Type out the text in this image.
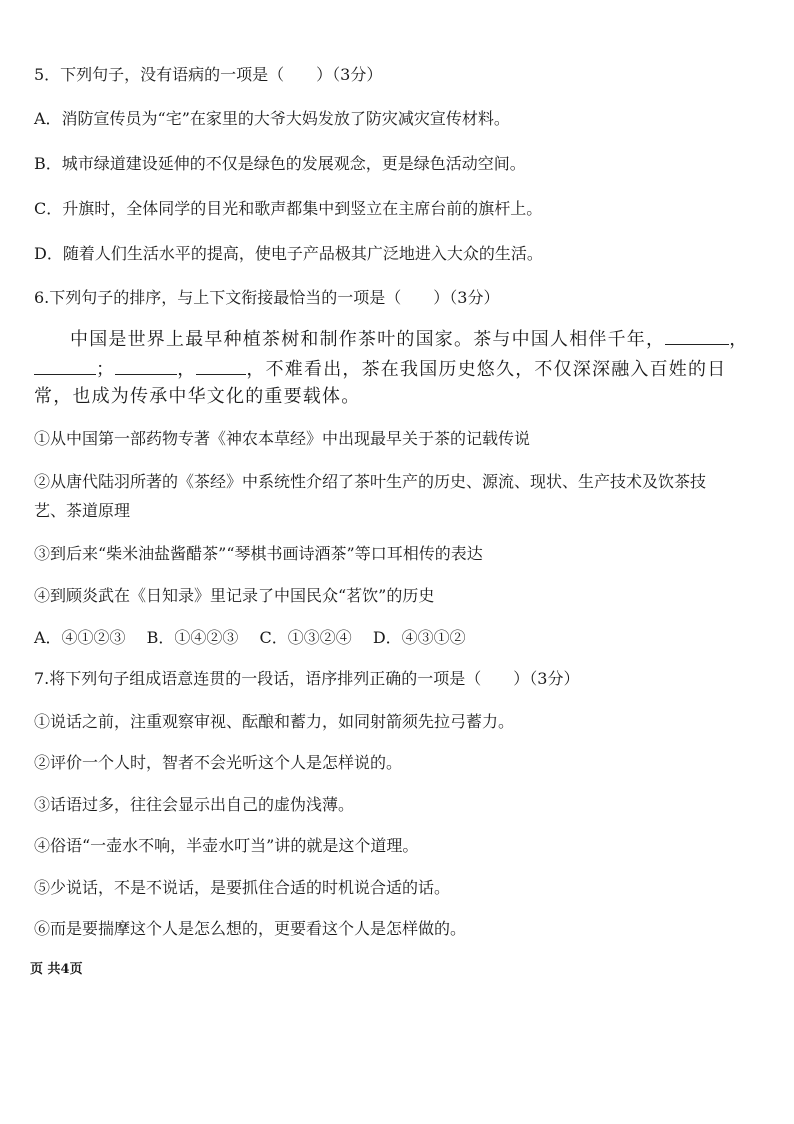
5．下列句子，没有语病的一项是（　　）（3分）
A．消防宣传员为“宅”在家里的大爷大妈发放了防灾减灾宣传材料。
B．城市绿道建设延伸的不仅是绿色的发展观念，更是绿色活动空间。
C．升旗时，全体同学的目光和歌声都集中到竖立在主席台前的旗杆上。
D．随着人们生活水平的提高，使电子产品极其广泛地进入大众的生活。
6.下列句子的排序，与上下文衔接最恰当的一项是（　　）（3分）
中国是世界上最早种植茶树和制作茶叶的国家。茶与中国人相伴千年，	，
；	，	，不难看出，茶在我国历史悠久，不仅深深融入百姓的日
常，也成为传承中华文化的重要载体。
①从中国第一部药物专著《神农本草经》中出现最早关于茶的记载传说
②从唐代陆羽所著的《茶经》中系统性介绍了茶叶生产的历史、源流、现状、生产技术及饮茶技
艺、茶道原理
③到后来“柴米油盐酱醋茶”“琴棋书画诗酒茶”等口耳相传的表达
④到顾炎武在《日知录》里记录了中国民众“茗饮”的历史
A．④①②③　 B．①④②③　 C．①③②④　 D．④③①②
7.将下列句子组成语意连贯的一段话，语序排列正确的一项是（　　）（3分）
①说话之前，注重观察审视、酝酿和蓄力，如同射箭须先拉弓蓄力。
②评价一个人时，智者不会光听这个人是怎样说的。
③话语过多，往往会显示出自己的虚伪浅薄。
④俗语“一壶水不响，半壶水叮当”讲的就是这个道理。
⑤少说话，不是不说话，是要抓住合适的时机说合适的话。
⑥而是要揣摩这个人是怎么想的，更要看这个人是怎样做的。
页 共4页
